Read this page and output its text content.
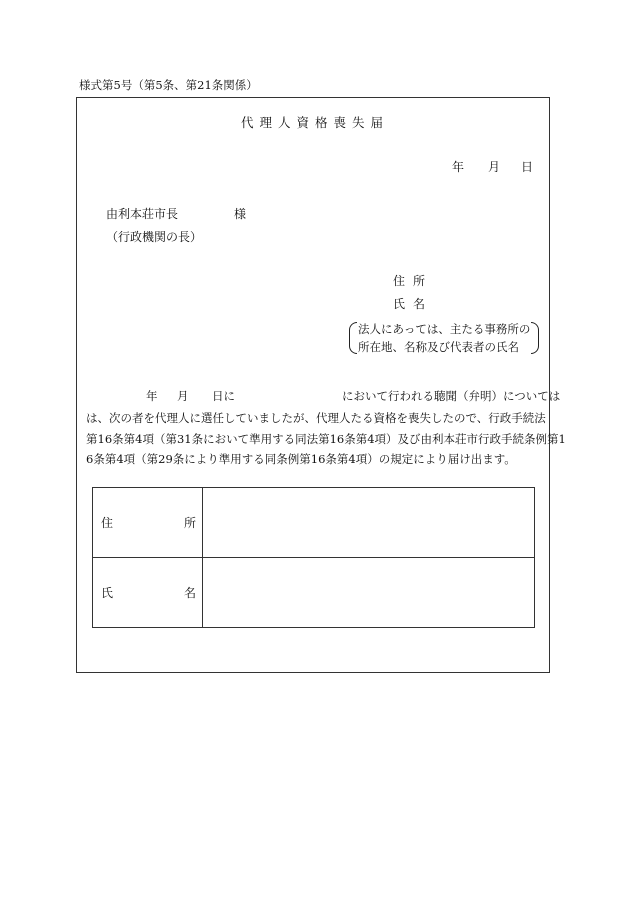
様式第5号（第5条、第21条関係）
代理人資格喪失届
年 月 日
由利本荘市長	様
（行政機関の長）
住所
氏名
法人にあっては、主たる事務所の
所在地、名称及び代表者の氏名
年 月 日に	において行われる聴聞（弁明）については
は、次の者を代理人に選任していましたが、代理人たる資格を喪失したので、行政手続法
第16条第4項（第31条において準用する同法第16条第4項）及び由利本荘市行政手続条例第1
6条第4項（第29条により準用する同条例第16条第4項）の規定により届け出ます。
住	所
氏	名
